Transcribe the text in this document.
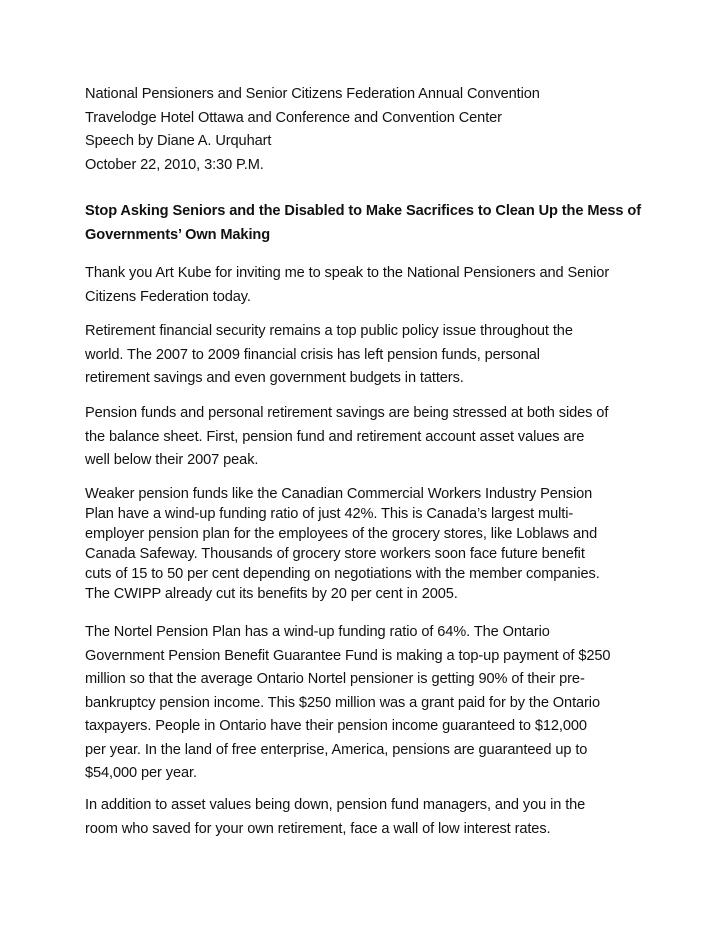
National Pensioners and Senior Citizens Federation Annual Convention
Travelodge Hotel Ottawa and Conference and Convention Center
Speech by Diane A. Urquhart
October 22, 2010, 3:30 P.M.
Stop Asking Seniors and the Disabled to Make Sacrifices to Clean Up the Mess of
Governments’ Own Making
Thank you Art Kube for inviting me to speak to the National Pensioners and Senior
Citizens Federation today.
Retirement financial security remains a top public policy issue throughout the
world. The 2007 to 2009 financial crisis has left pension funds, personal
retirement savings and even government budgets in tatters.
Pension funds and personal retirement savings are being stressed at both sides of
the balance sheet. First, pension fund and retirement account asset values are
well below their 2007 peak.
Weaker pension funds like the Canadian Commercial Workers Industry Pension
Plan have a wind-up funding ratio of just 42%. This is Canada’s largest multi-
employer pension plan for the employees of the grocery stores, like Loblaws and
Canada Safeway. Thousands of grocery store workers soon face future benefit
cuts of 15 to 50 per cent depending on negotiations with the member companies.
The CWIPP already cut its benefits by 20 per cent in 2005.
The Nortel Pension Plan has a wind-up funding ratio of 64%. The Ontario
Government Pension Benefit Guarantee Fund is making a top-up payment of $250
million so that the average Ontario Nortel pensioner is getting 90% of their pre-
bankruptcy pension income. This $250 million was a grant paid for by the Ontario
taxpayers. People in Ontario have their pension income guaranteed to $12,000
per year. In the land of free enterprise, America, pensions are guaranteed up to
$54,000 per year.
In addition to asset values being down, pension fund managers, and you in the
room who saved for your own retirement, face a wall of low interest rates.
